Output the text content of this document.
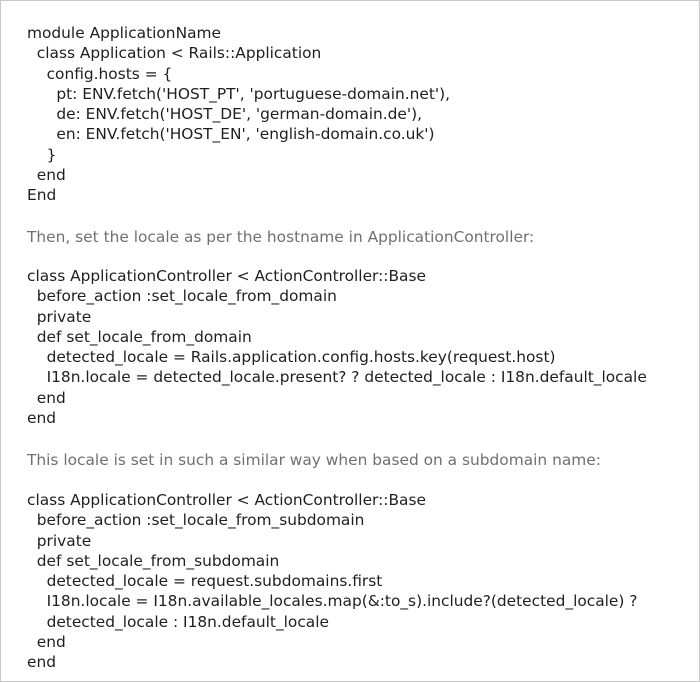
module ApplicationName
class Application < Rails::Application
config.hosts = {
pt: ENV.fetch('HOST_PT', 'portuguese-domain.net'),
de: ENV.fetch('HOST_DE', 'german-domain.de'),
en: ENV.fetch('HOST_EN', 'english-domain.co.uk')
}
end
End
Then, set the locale as per the hostname in ApplicationController:
class ApplicationController < ActionController::Base
before_action :set_locale_from_domain
private
def set_locale_from_domain
detected_locale = Rails.application.config.hosts.key(request.host)
I18n.locale = detected_locale.present? ? detected_locale : I18n.default_locale
end
end
This locale is set in such a similar way when based on a subdomain name:
class ApplicationController < ActionController::Base
before_action :set_locale_from_subdomain
private
def set_locale_from_subdomain
detected_locale = request.subdomains.first
I18n.locale = I18n.available_locales.map(&:to_s).include?(detected_locale) ?
detected_locale : I18n.default_locale
end
end
